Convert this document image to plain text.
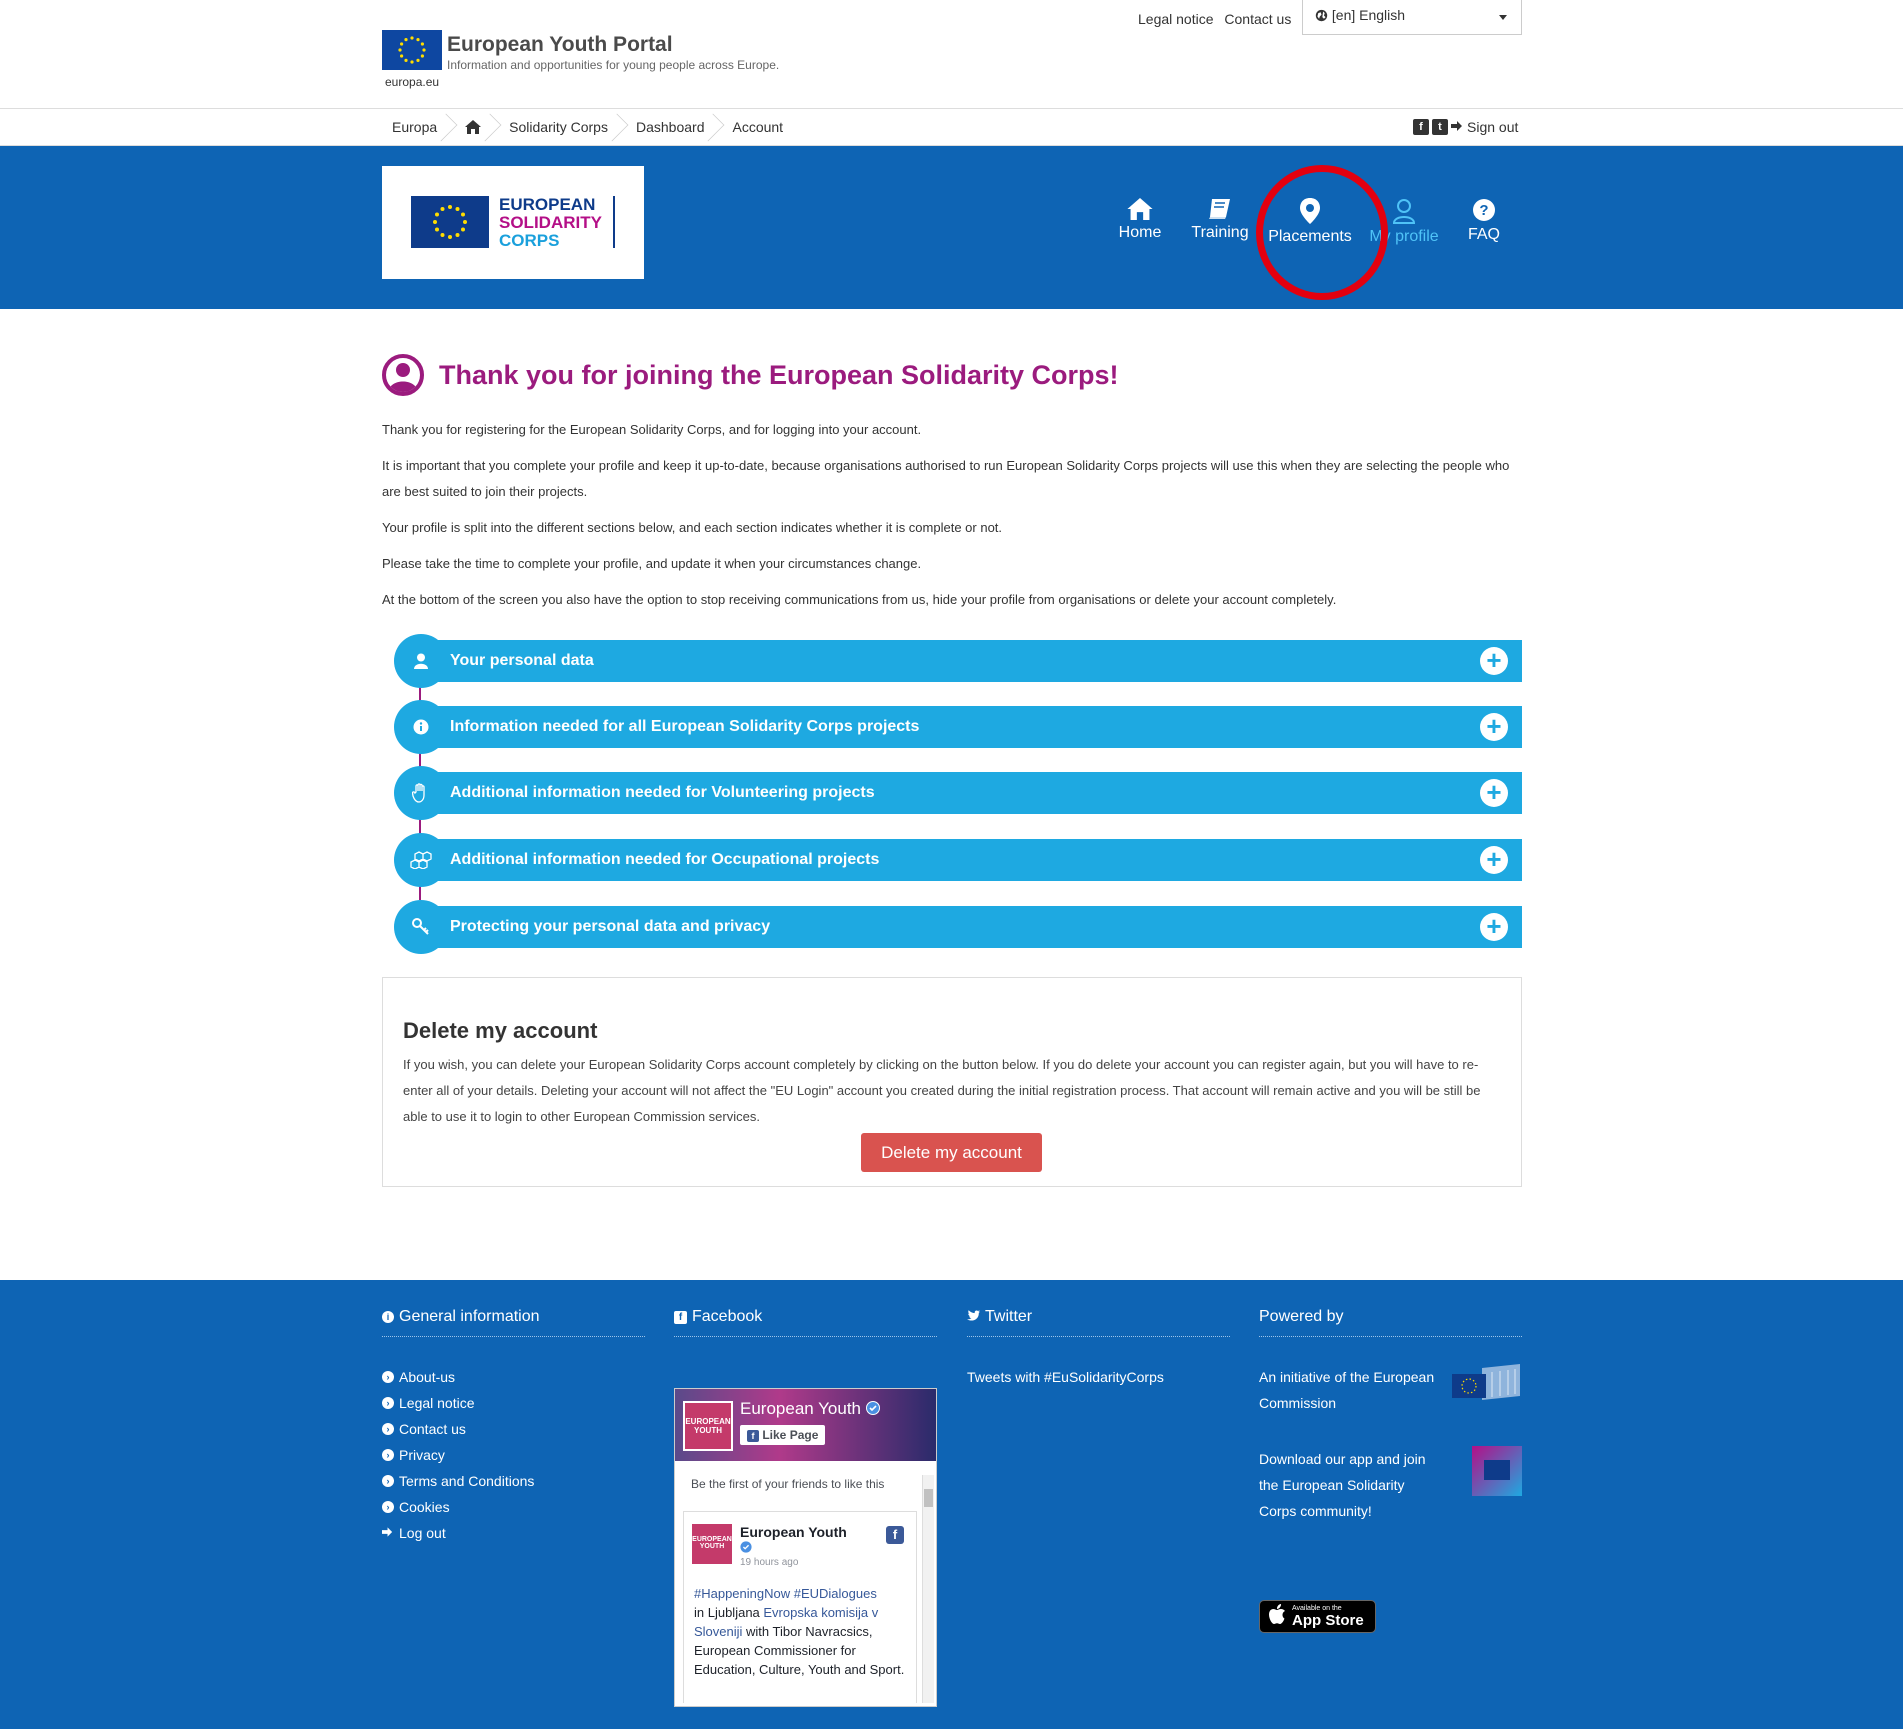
europa.eu
European Youth Portal
Information and opportunities for young people across Europe.
Legal notice Contact us	[en] English
Europa	Solidarity Corps	Dashboard	Account	f	t	Sign out
EUROPEAN
SOLIDARITY
CORPS	Home Training Placements My profile
?
FAQ
Thank you for joining the European Solidarity Corps!

Thank you for registering for the European Solidarity Corps, and for logging into your account.

It is important that you complete your profile and keep it up-to-date, because organisations authorised to run European Solidarity Corps projects will use this when they are selecting the people who are best suited to join their projects.

Your profile is split into the different sections below, and each section indicates whether it is complete or not.

Please take the time to complete your profile, and update it when your circumstances change.

At the bottom of the screen you also have the option to stop receiving communications from us, hide your profile from organisations or delete your account completely.

Your personal data	+
Information needed for all European Solidarity Corps projects	+
Additional information needed for Volunteering projects	+
Additional information needed for Occupational projects	+
Protecting your personal data and privacy	+
Delete my account
If you wish, you can delete your European Solidarity Corps account completely by clicking on the button below. If you do delete your account you can register again, but you will have to re-enter all of your details. Deleting your account will not affect the "EU Login" account you created during the initial registration process. That account will remain active and you will be still be able to use it to login to other European Commission services.
Delete my account
i General information
› About-us
› Legal notice
› Contact us
› Privacy
› Terms and Conditions
› Cookies
Log out
f Facebook
EUROPEAN YOUTH
European Youth
f Like Page
Be the first of your friends to like this
EUROPEAN YOUTH
European Youth

19 hours ago
f
#HappeningNow #EUDialogues
in Ljubljana Evropska komisija v Sloveniji with Tibor Navracsics, European Commissioner for Education, Culture, Youth and Sport.
Twitter
Tweets with #EuSolidarityCorps
Powered by
An initiative of the European Commission
Download our app and join the European Solidarity Corps community!
Available on the
App Store
